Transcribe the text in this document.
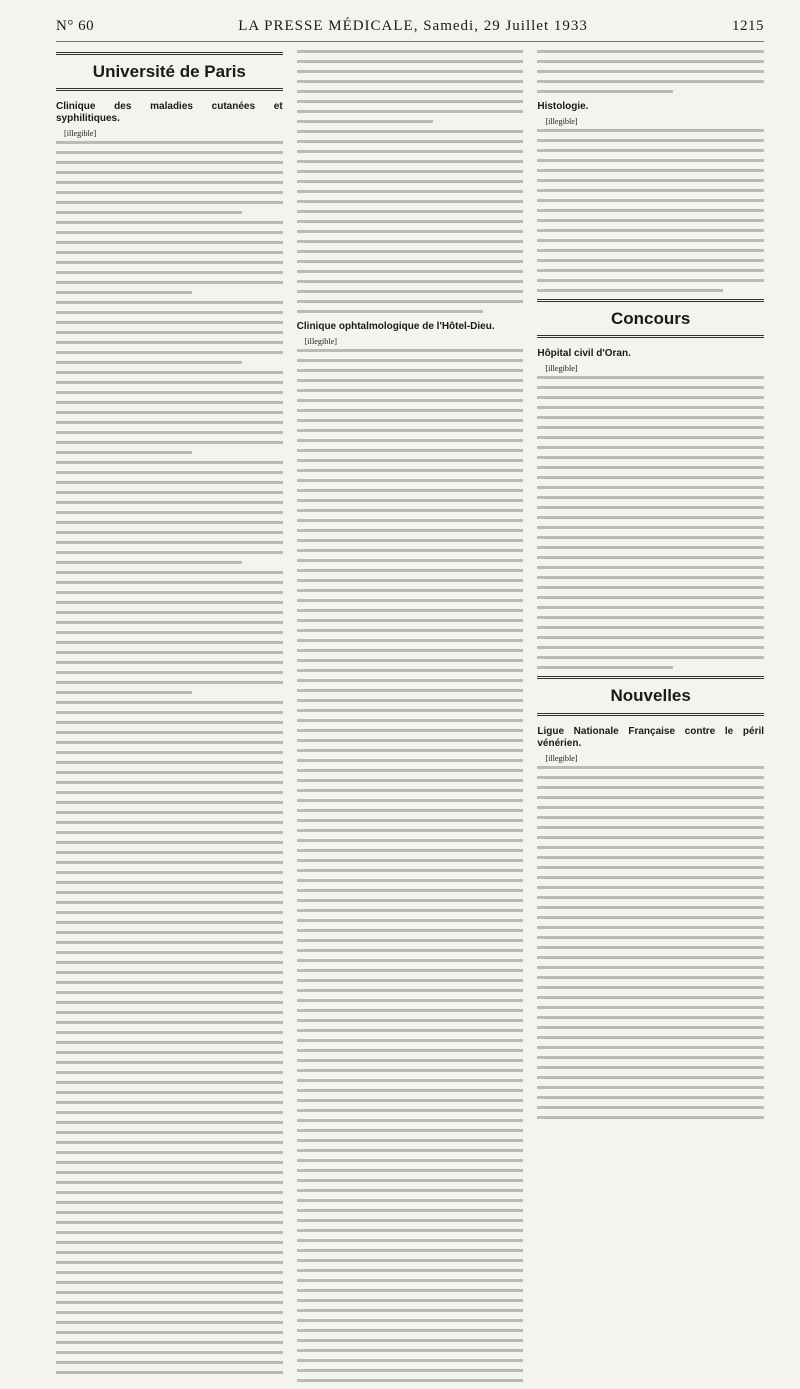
N° 60	LA PRESSE MÉDICALE, Samedi, 29 Juillet 1933	1215
Université de Paris
Clinique des maladies cutanées et syphilitiques.

[illegible]

Clinique ophtalmologique de l'Hôtel-Dieu.

[illegible]

Histologie.

[illegible]

Concours
Hôpital civil d'Oran.

[illegible]

Nouvelles
Ligue Nationale Française contre le péril vénérien.

[illegible]
